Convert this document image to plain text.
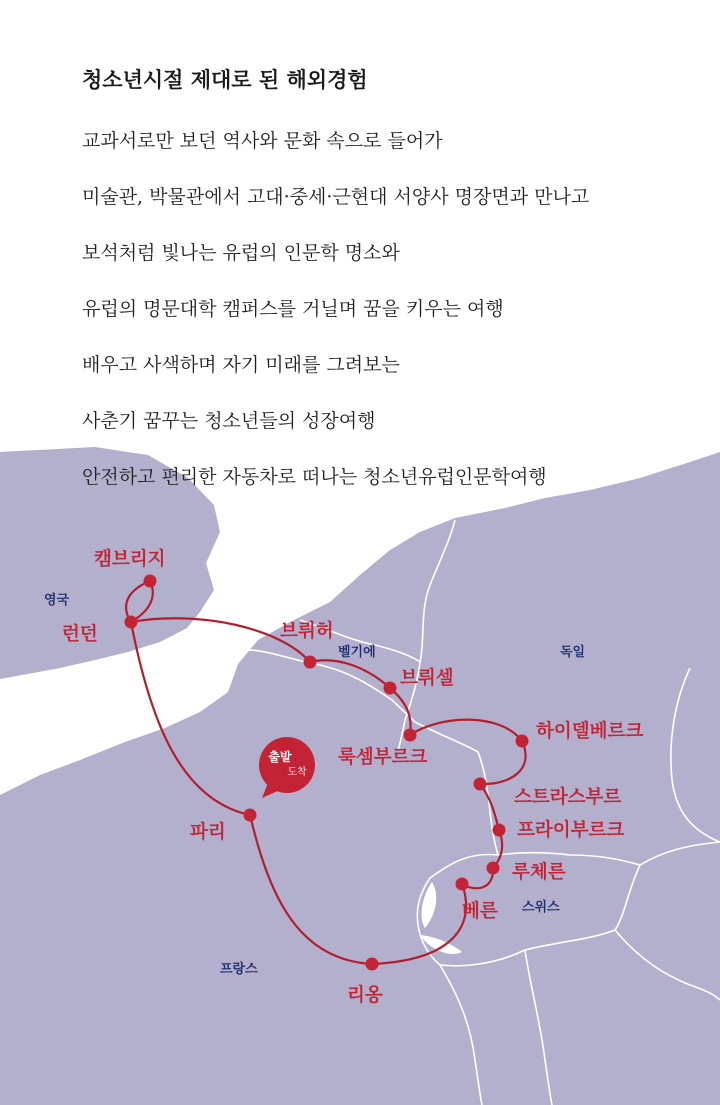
출발
도착
영국
벨기에	독일
프랑스
스위스
캠브리지
런던	브뤼허
브뤼셀
하이델베르크
룩셈부르크
스트라스부르
프라이부르크
루체른
베른
리옹
파리
청소년시절 제대로 된 해외경험

교과서로만 보던 역사와 문화 속으로 들어가

미술관, 박물관에서 고대·중세·근현대 서양사 명장면과 만나고

보석처럼 빛나는 유럽의 인문학 명소와

유럽의 명문대학 캠퍼스를 거닐며 꿈을 키우는 여행

배우고 사색하며 자기 미래를 그려보는

사춘기 꿈꾸는 청소년들의 성장여행

안전하고 편리한 자동차로 떠나는 청소년유럽인문학여행
